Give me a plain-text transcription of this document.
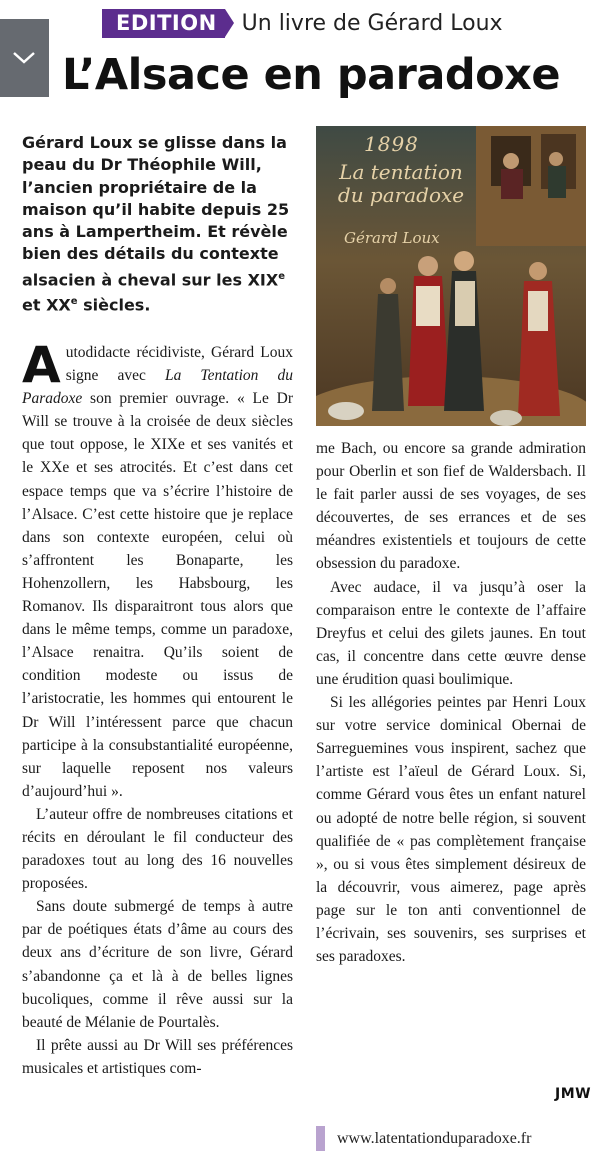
EDITION	Un livre de Gérard Loux
L’Alsace en paradoxe

Gérard Loux se glisse dans la peau du Dr Théophile Will, l’ancien propriétaire de la maison qu’il habite depuis 25 ans à Lampertheim. Et révèle bien des détails du contexte alsacien à cheval sur les XIXe et XXe siècles.

1898
La tentation du paradoxe
Gérard Loux

Autodidacte récidiviste, Gérard Loux signe avec La Tentation du Paradoxe son premier ouvrage. « Le Dr Will se trouve à la croisée de deux siècles que tout oppose, le XIXe et ses vanités et le XXe et ses atrocités. Et c’est dans cet espace temps que va s’écrire l’histoire de l’Alsace. C’est cette histoire que je replace dans son contexte européen, celui où s’affrontent les Bonaparte, les Hohenzollern, les Habsbourg, les Romanov. Ils disparaitront tous alors que dans le même temps, comme un paradoxe, l’Alsace renaitra. Qu’ils soient de condition modeste ou issus de l’aristocratie, les hommes qui entourent le Dr Will l’intéressent parce que chacun participe à la consubstantialité européenne, sur laquelle reposent nos valeurs d’aujourd’hui ».

L’auteur offre de nombreuses citations et récits en déroulant le fil conducteur des paradoxes tout au long des 16 nouvelles proposées.

Sans doute submergé de temps à autre par de poétiques états d’âme au cours des deux ans d’écriture de son livre, Gérard s’abandonne ça et là à de belles lignes bucoliques, comme il rêve aussi sur la beauté de Mélanie de Pourtalès.

Il prête aussi au Dr Will ses préférences musicales et artistiques com-

me Bach, ou encore sa grande admiration pour Oberlin et son fief de Waldersbach. Il le fait parler aussi de ses voyages, de ses découvertes, de ses errances et de ses méandres existentiels et toujours de cette obsession du paradoxe.

Avec audace, il va jusqu’à oser la comparaison entre le contexte de l’affaire Dreyfus et celui des gilets jaunes. En tout cas, il concentre dans cette œuvre dense une érudition quasi boulimique.

Si les allégories peintes par Henri Loux sur votre service dominical Obernai de Sarreguemines vous inspirent, sachez que l’artiste est l’aïeul de Gérard Loux. Si, comme Gérard vous êtes un enfant naturel ou adopté de notre belle région, si souvent qualifiée de « pas complètement française », ou si vous êtes simplement désireux de la découvrir, vous aimerez, page après page sur le ton anti conventionnel de l’écrivain, ses souvenirs, ses surprises et ses paradoxes.

JMW
www.latentationduparadoxe.fr
